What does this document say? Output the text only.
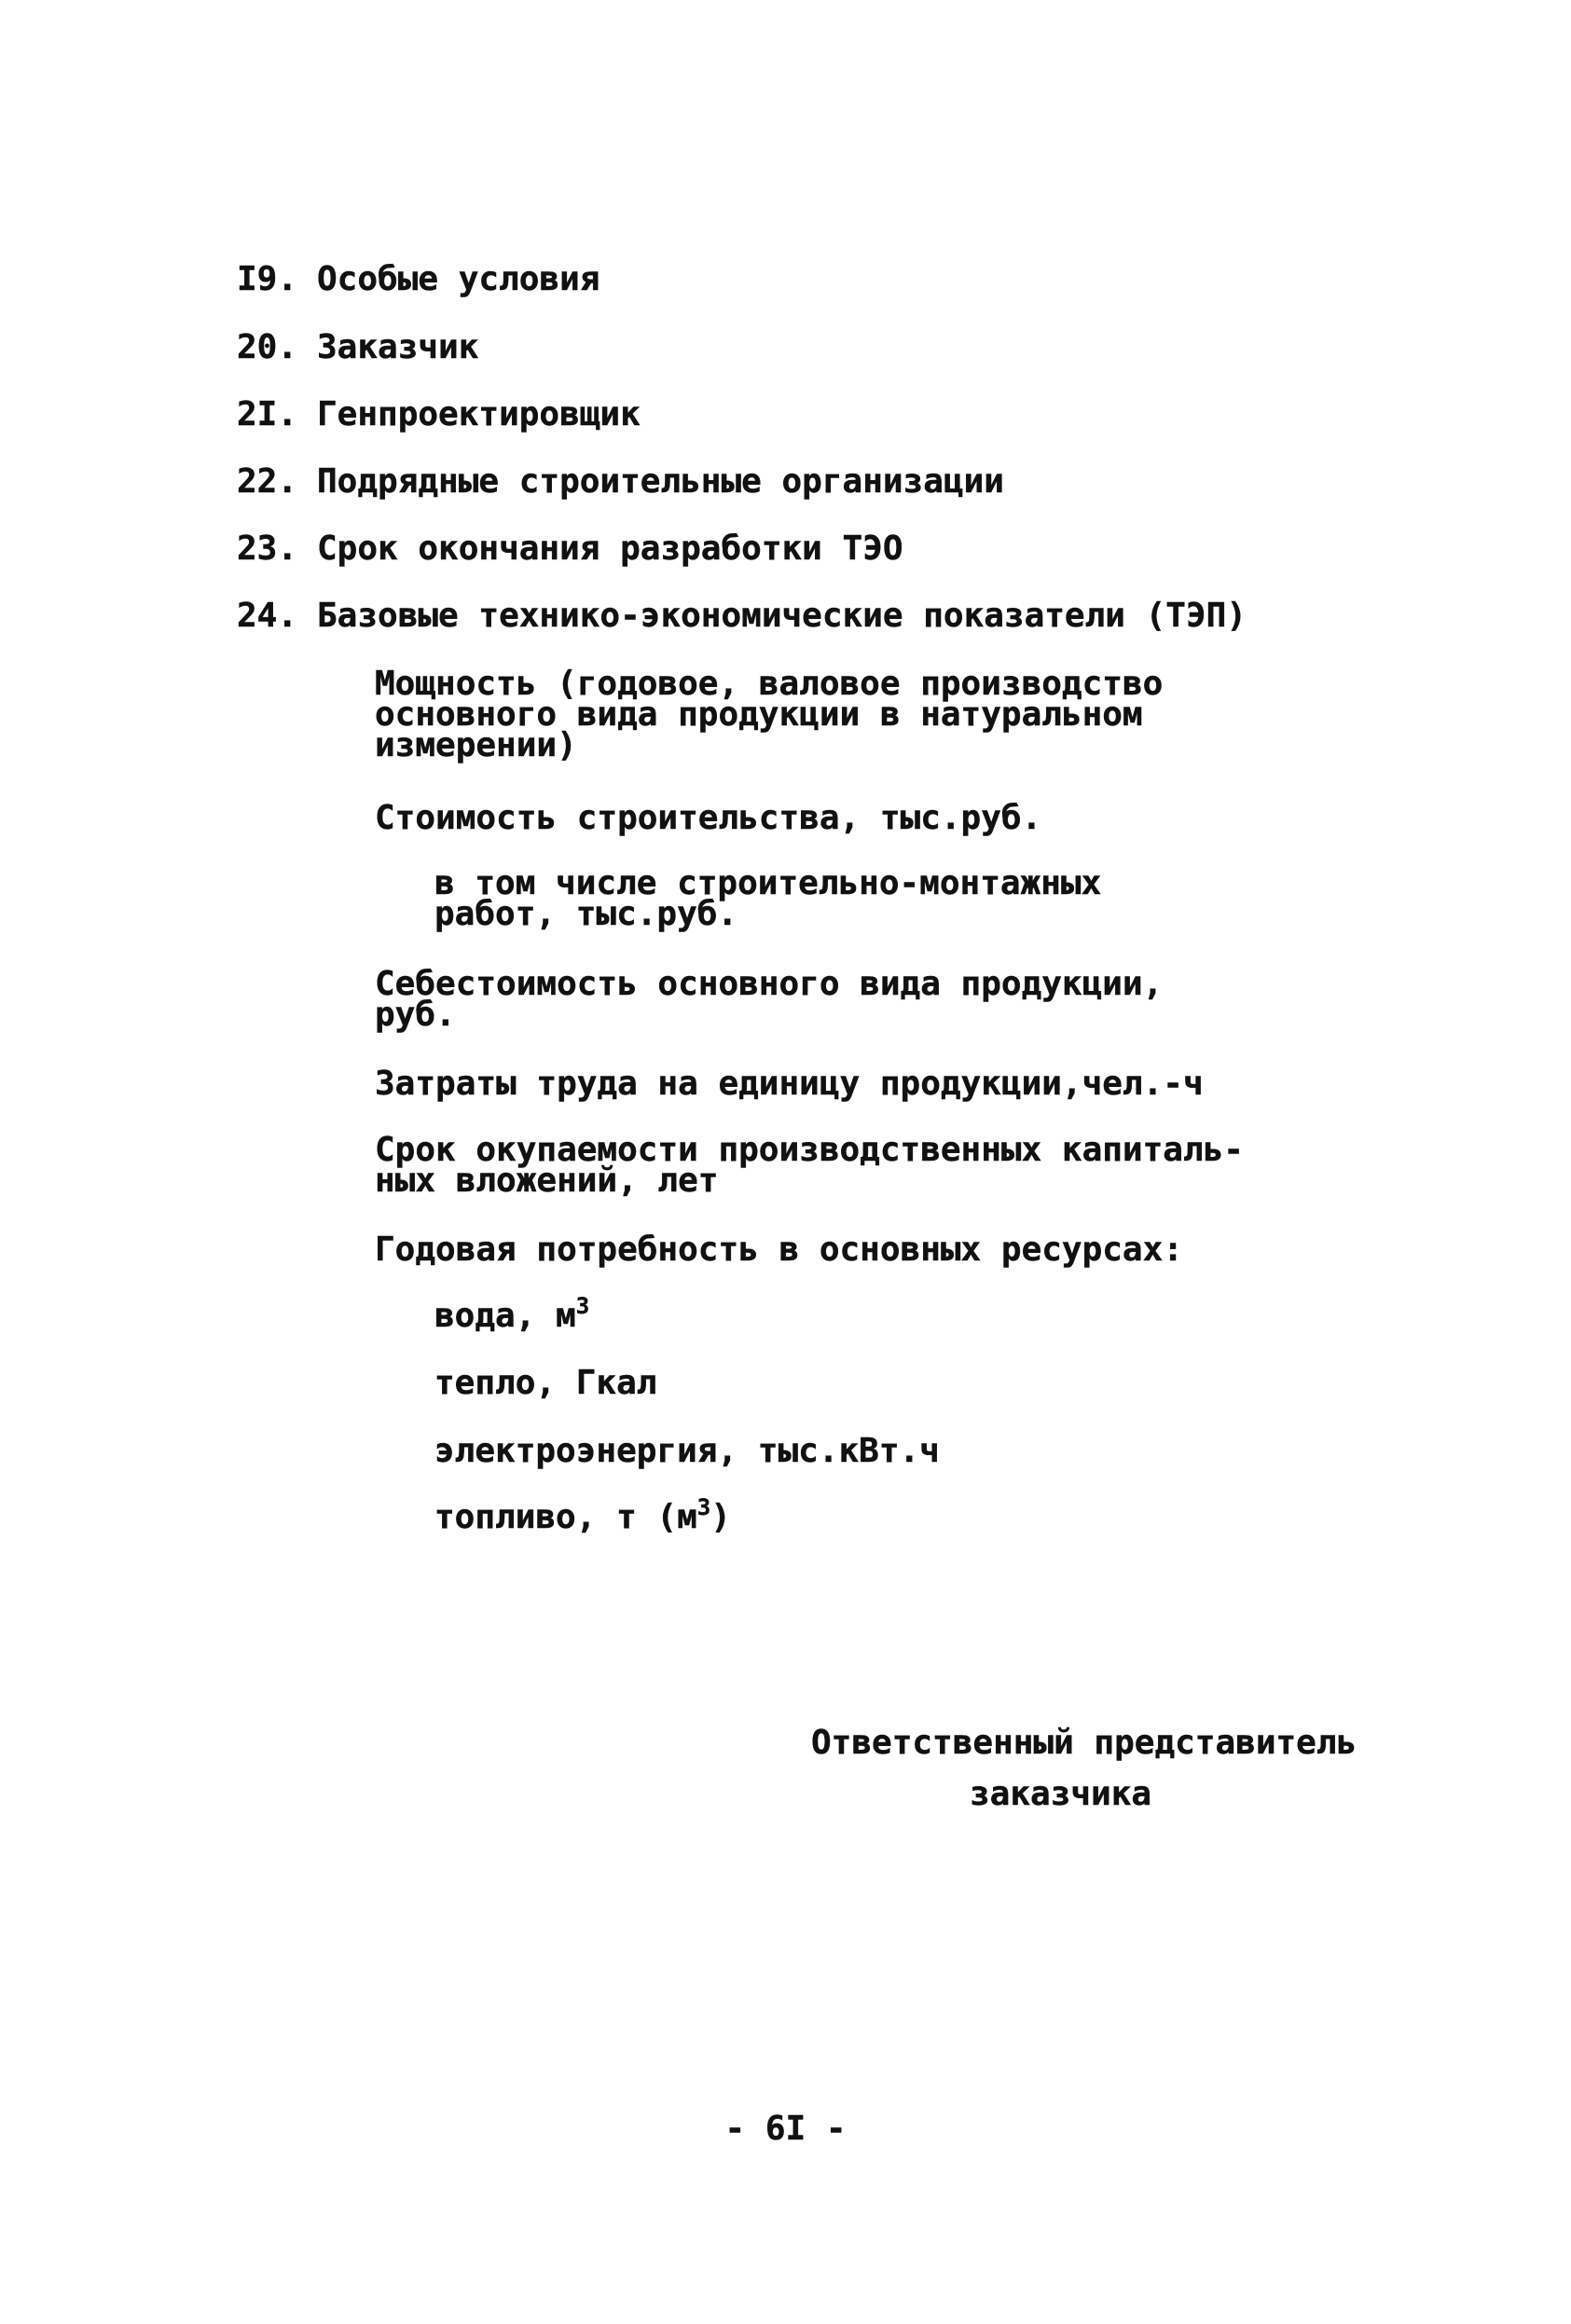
I9. Особые условия
20. Заказчик
2I. Генпроектировщик
22. Подрядные строительные организации
23. Срок окончания разработки ТЭО
24. Базовые технико-экономические показатели (ТЭП)
Мощность (годовое, валовое производство
основного вида продукции в натуральном
измерении)
Стоимость строительства, тыс.руб.
в том числе строительно-монтажных
работ, тыс.руб.
Себестоимость основного вида продукции,
руб.
Затраты труда на единицу продукции,чел.-ч
Срок окупаемости производственных капиталь-
ных вложений, лет
Годовая потребность в основных ресурсах:
вода, $м^3$
тепло, Гкал
электроэнергия, тыс.кВт.ч
топливо, т $(м^3)$
Ответственный представитель
заказчика
- 6I -
